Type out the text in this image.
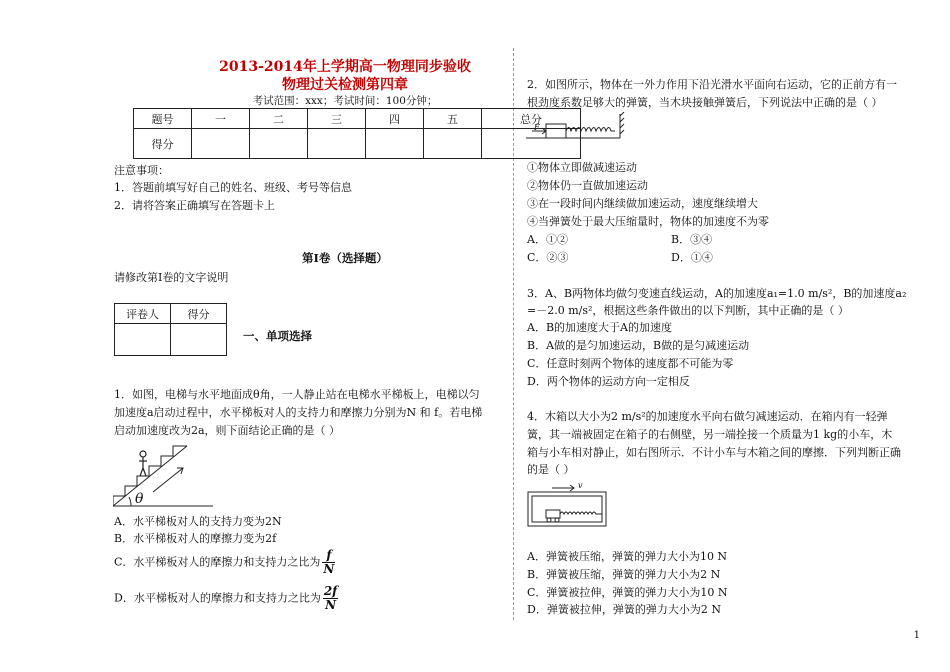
2013-2014年上学期高一物理同步验收
物理过关检测第四章
考试范围：xxx；考试时间：100分钟；
题号	一	二	三	四	五	总分
得分						
注意事项：
1．答题前填写好自己的姓名、班级、考号等信息
2．请将答案正确填写在答题卡上
第Ⅰ卷（选择题）
请修改第Ⅰ卷的文字说明
评卷人	得分

一、单项选择
1．如图，电梯与水平地面成θ角，一人静止站在电梯水平梯板上，电梯以匀
加速度a启动过程中，水平梯板对人的支持力和摩擦力分别为N 和 f。若电梯
启动加速度改为2a，则下面结论正确的是（ ）
θ
A．水平梯板对人的支持力变为2N
B．水平梯板对人的摩擦力变为2f
C．水平梯板对人的摩擦力和支持力之比为 $\frac{f}{N}$
D．水平梯板对人的摩擦力和支持力之比为 $\frac{2f}{N}$
2．如图所示，物体在一外力作用下沿光滑水平面向右运动，它的正前方有一
根劲度系数足够大的弹簧，当木块接触弹簧后，下列说法中正确的是（ ）
F
①物体立即做减速运动
②物体仍一直做加速运动
③在一段时间内继续做加速运动，速度继续增大
④当弹簧处于最大压缩量时，物体的加速度不为零
A．①②	B．③④
C．②③	D．①④
3．A、B两物体均做匀变速直线运动，A的加速度a₁=1.0 m/s²，B的加速度a₂
=－2.0 m/s²，根据这些条件做出的以下判断，其中正确的是（ ）
A．B的加速度大于A的加速度
B．A做的是匀加速运动，B做的是匀减速运动
C．任意时刻两个物体的速度都不可能为零
D．两个物体的运动方向一定相反
4．木箱以大小为2 m/s²的加速度水平向右做匀减速运动．在箱内有一轻弹
簧，其一端被固定在箱子的右侧壁，另一端拴接一个质量为1 kg的小车，木
箱与小车相对静止，如右图所示．不计小车与木箱之间的摩擦．下列判断正确
的是（ ）
v
A．弹簧被压缩，弹簧的弹力大小为10 N
B．弹簧被压缩，弹簧的弹力大小为2 N
C．弹簧被拉伸，弹簧的弹力大小为10 N
D．弹簧被拉伸，弹簧的弹力大小为2 N
1
